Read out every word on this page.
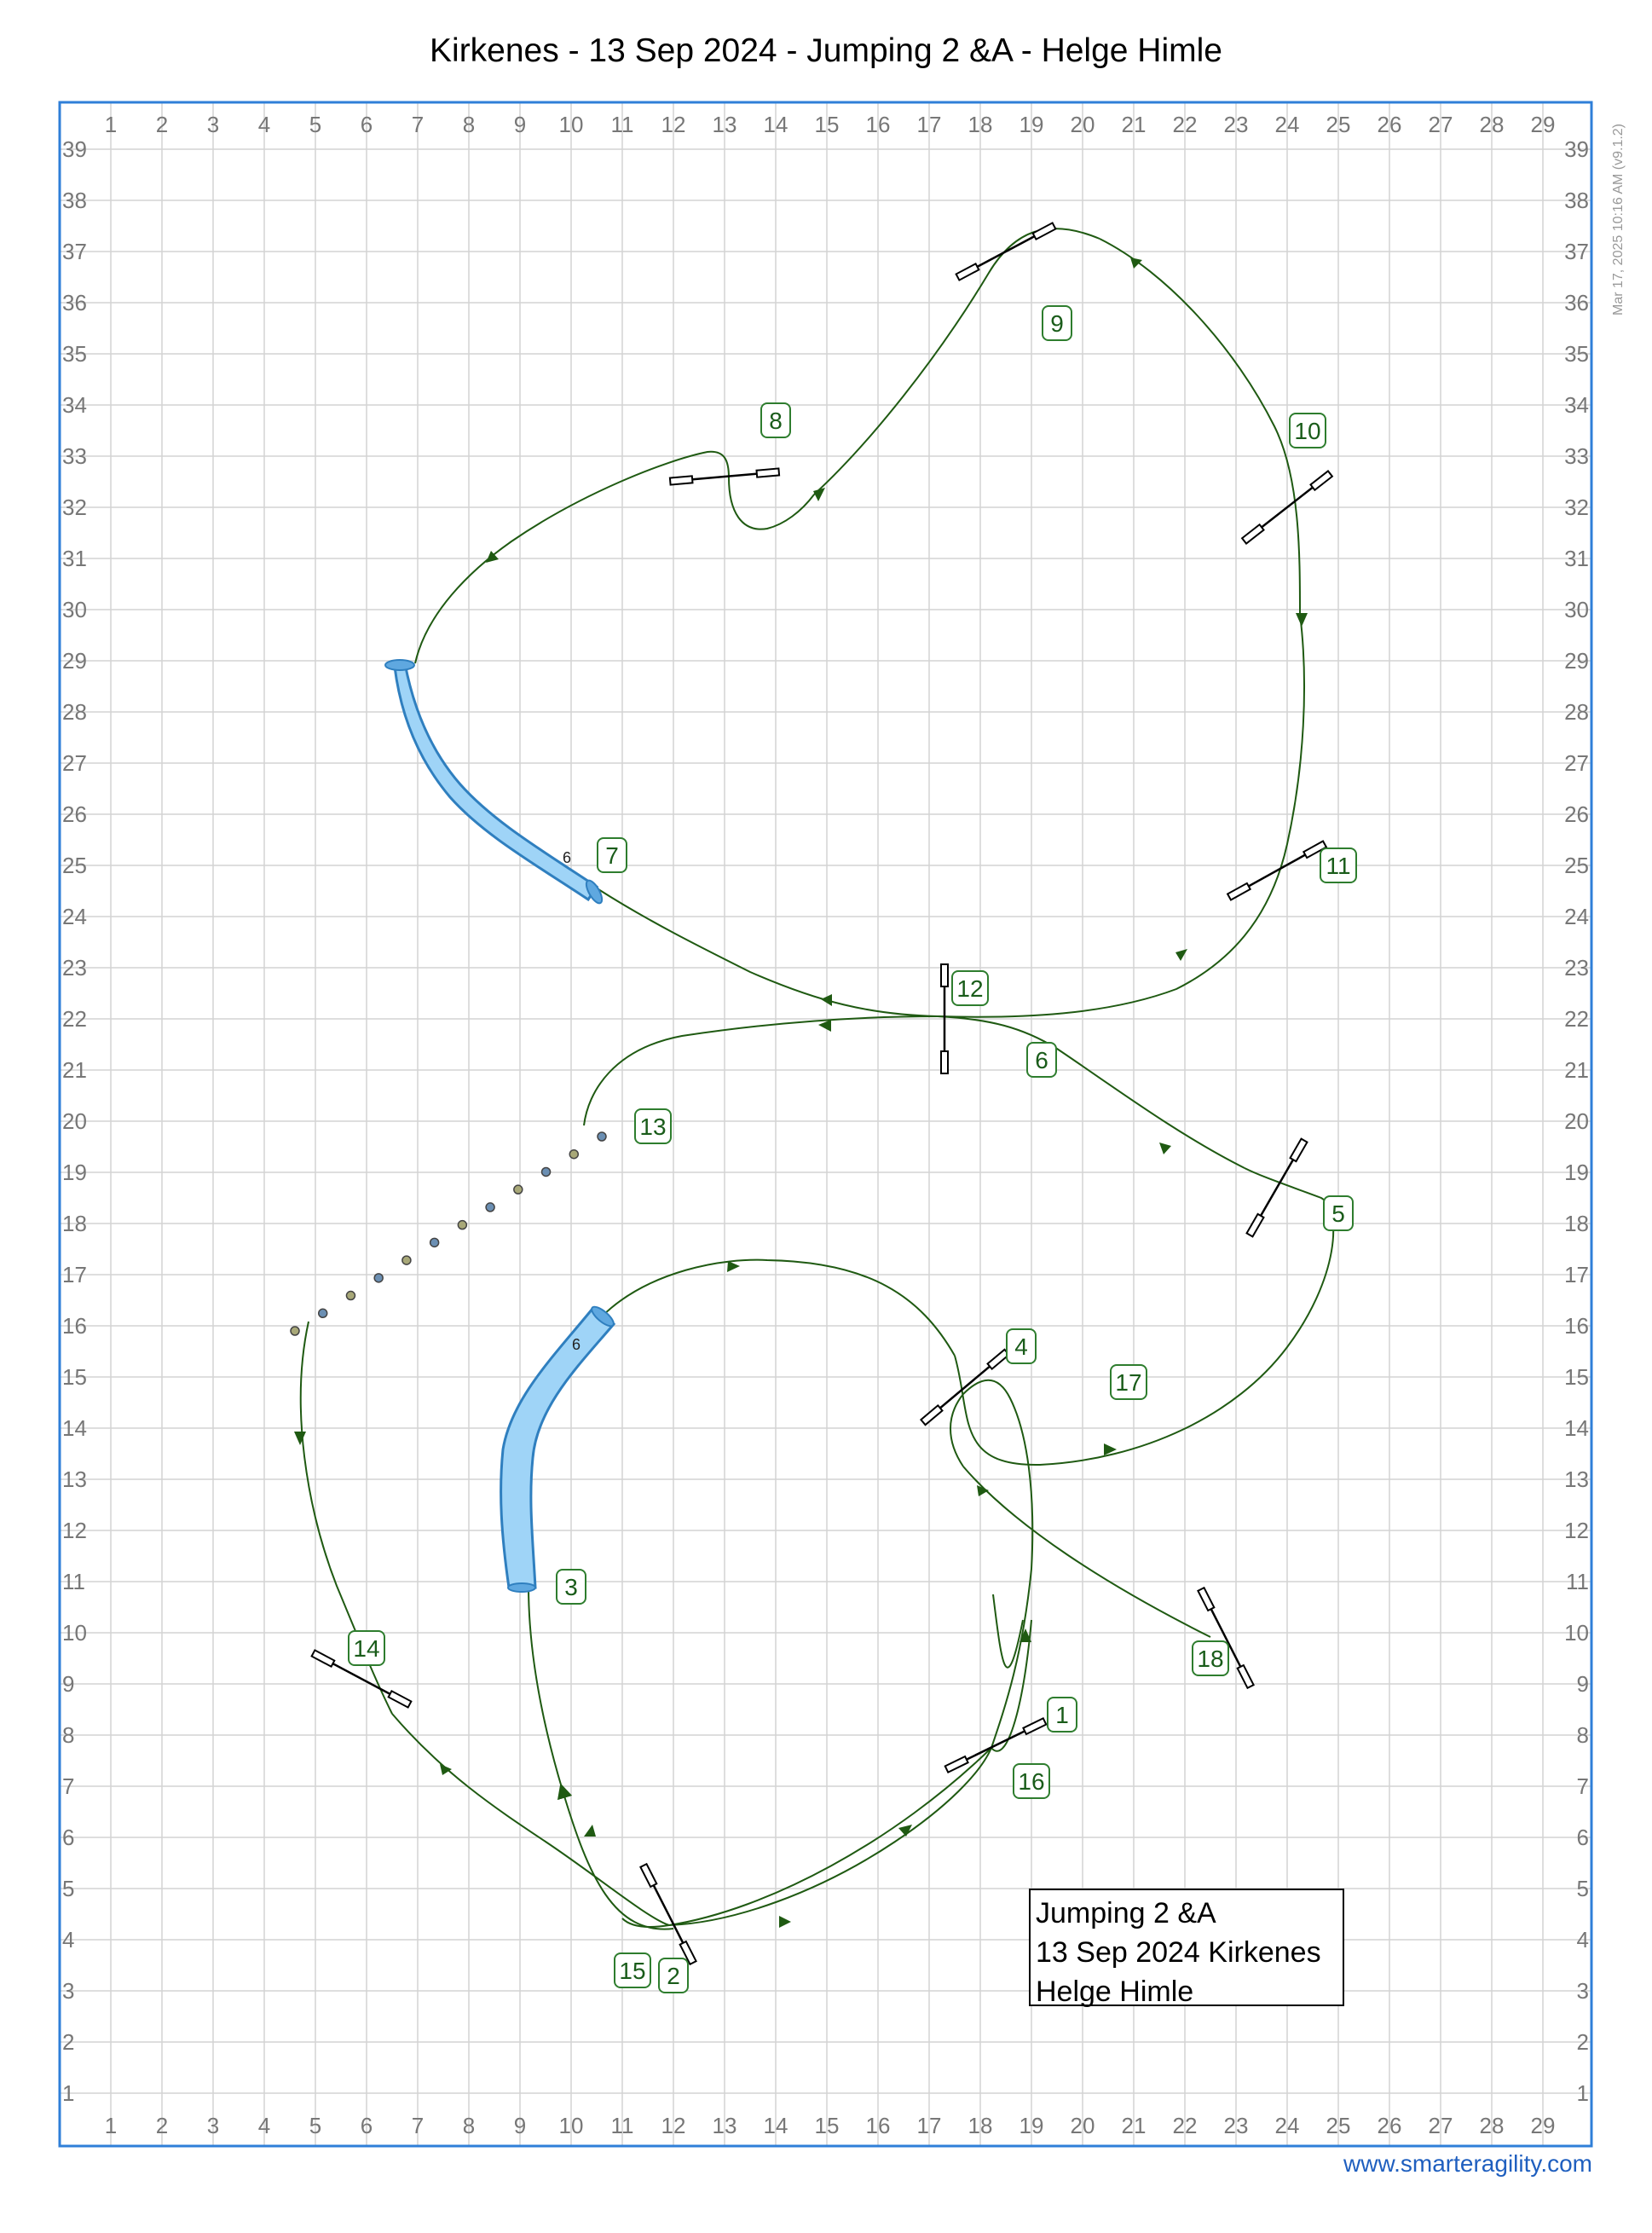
Kirkenes - 13 Sep 2024 - Jumping 2 &A - Helge Himle
1 2 3 4 5 6 7 8 9 10 11 12 13 14 15 16 17 18 19 20 21 22 23 24 25 26 27 28 29
1 2 3 4 5 6 7 8 9 10 11 12 13 14 15 16 17 18 19 20 21 22 23 24 25 26 27 28 29
1
2
3
4
5
6
7
8
9
10
11
12
13
14
15
16
17
18
19
20
21
22
23
24
25
26
27
28
29
30
31
32
33
34
35
36
37
38
39
1
2
3
4
5
6
7
8
9
10
11
12
13
14
15
16
17
18
19
20
21
22
23
24
25
26
27
28
29
30
31
32
33
34
35
36
37
38
39
6
6
1
2
3
4
5
6
7
8
9
10
11
12
13
14
15
16
17
18
Mar 17, 2025 10:16 AM (v9.1.2)
Jumping 2 &A
13 Sep 2024 Kirkenes
Helge Himle
www.smarteragility.com
